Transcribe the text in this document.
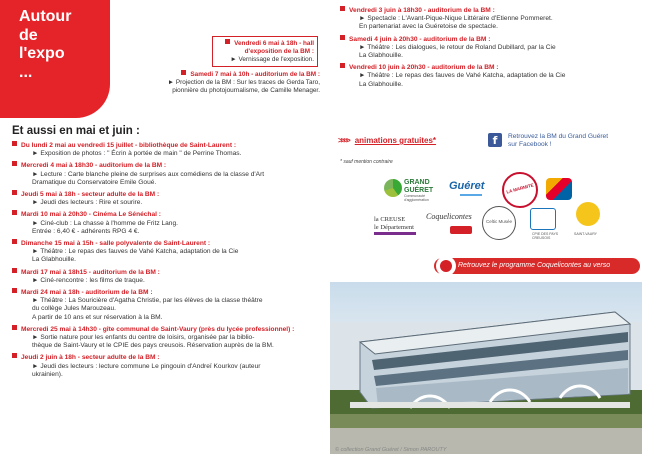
Autour
de
l'expo
...
Vendredi 6 mai à 18h - hall d'exposition de la BM :
► Vernissage de l'exposition.
Samedi 7 mai à 10h - auditorium de la BM :
► Projection de la BM : Sur les traces de Gerda Taro,
pionnière du photojournalisme, de Camille Menager.
Et aussi en mai et juin :
Du lundi 2 mai au vendredi 15 juillet - bibliothèque de Saint-Laurent :
► Exposition de photos : " Écrin à portée de main " de Perrine Thomas.
Mercredi 4 mai à 18h30 - auditorium de la BM :
► Lecture : Carte blanche pleine de surprises aux comédiens de la classe d'Art
Dramatique du Conservatoire Emile Goué.
Jeudi 5 mai à 18h - secteur adulte de la BM :
► Jeudi des lecteurs : Rire et sourire.
Mardi 10 mai à 20h30 - Cinéma Le Sénéchal :
► Ciné-club : La chasse à l'homme de Fritz Lang.
Entrée : 6,40 € - adhérents RPG 4 €.
Dimanche 15 mai à 15h - salle polyvalente de Saint-Laurent :
► Théâtre : Le repas des fauves de Vahé Katcha, adaptation de la Cie
La Glabhouille.
Mardi 17 mai à 18h15 - auditorium de la BM :
► Ciné-rencontre : les films de traque.
Mardi 24 mai à 18h - auditorium de la BM :
► Théâtre : La Souricière d'Agatha Christie, par les élèves de la classe théâtre
du collège Jules Marouzeau.
A partir de 10 ans et sur réservation à la BM.
Mercredi 25 mai à 14h30 - gîte communal de Saint-Vaury (près du lycée professionnel) :
► Sortie nature pour les enfants du centre de loisirs, organisée par la biblio-
thèque de Saint-Vaury et le CPIE des pays creusois. Réservation auprès de la BM.
Jeudi 2 juin à 18h - secteur adulte de la BM :
► Jeudi des lecteurs : lecture commune Le pingouin d'Andreï Kourkov (auteur
ukrainien).
Vendredi 3 juin à 18h30 - auditorium de la BM :
► Spectacle : L'Avant-Pique-Nique Littéraire d'Etienne Pommeret.
En partenariat avec la Guéretoise de spectacle.
Samedi 4 juin à 20h30 - auditorium de la BM :
► Théâtre : Les dialogues, le retour de Roland Dubillard, par la Cie
La Glabhouille.
Vendredi 10 juin à 20h30 - auditorium de la BM :
► Théâtre : Le repas des fauves de Vahé Katcha, adaptation de la Cie
La Glabhouille.
>>>> animations gratuites*	f	Retrouvez la BM du Grand Guéret sur Facebook !
* sauf mention contraire
GRAND GUÉRET
Communauté d'agglomération
Guéret	LA MARMITE
la CREUSE
le Département
Coquelicontes
Celtic Musée
CPIE DES PAYS CREUSOIS
SAINT-VAURY
Retrouvez le programme Coquelicontes au verso
© collection Grand Guéret / Simon PAROUTY
